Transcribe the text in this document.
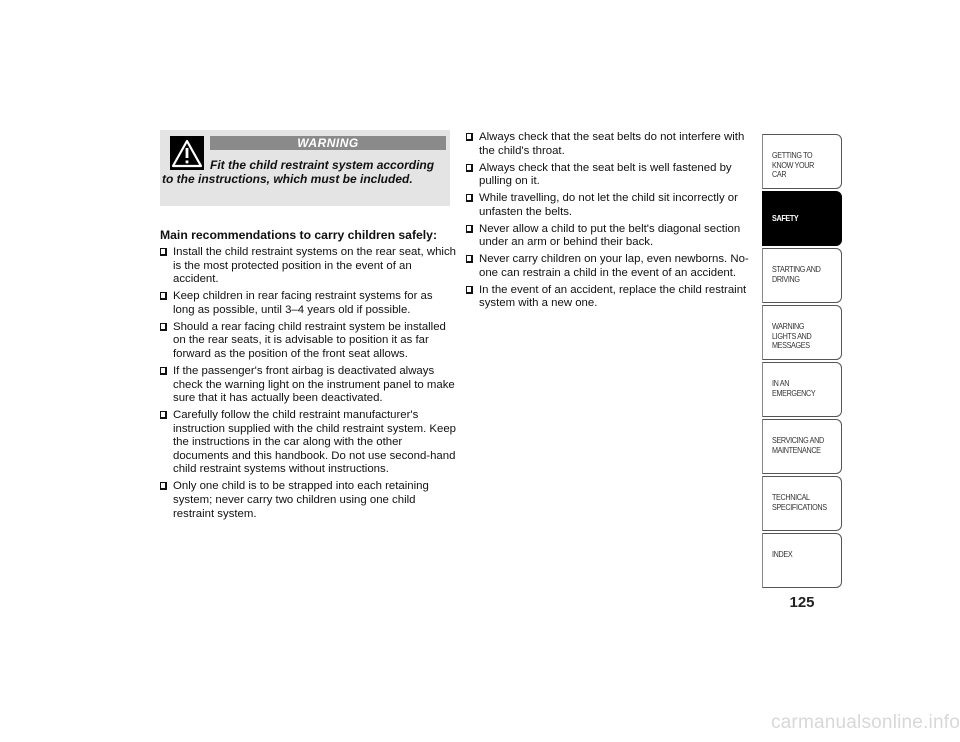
WARNING
Fit the child restraint system according to the instructions, which must be included.
Main recommendations to carry children safely:
Install the child restraint systems on the rear seat, which is the most protected position in the event of an accident.
Keep children in rear facing restraint systems for as long as possible, until 3–4 years old if possible.
Should a rear facing child restraint system be installed on the rear seats, it is advisable to position it as far forward as the position of the front seat allows.
If the passenger's front airbag is deactivated always check the warning light on the instrument panel to make sure that it has actually been deactivated.
Carefully follow the child restraint manufacturer's instruction supplied with the child restraint system. Keep the instructions in the car along with the other documents and this handbook. Do not use second-hand child restraint systems without instructions.
Only one child is to be strapped into each retaining system; never carry two children using one child restraint system.
Always check that the seat belts do not interfere with the child's throat.
Always check that the seat belt is well fastened by pulling on it.
While travelling, do not let the child sit incorrectly or unfasten the belts.
Never allow a child to put the belt's diagonal section under an arm or behind their back.
Never carry children on your lap, even newborns. No-one can restrain a child in the event of an accident.
In the event of an accident, replace the child restraint system with a new one.
GETTING TO KNOW YOUR CAR
SAFETY
STARTING AND DRIVING
WARNING LIGHTS AND MESSAGES
IN AN EMERGENCY
SERVICING AND MAINTENANCE
TECHNICAL SPECIFICATIONS
INDEX
125
carmanualsonline.info
